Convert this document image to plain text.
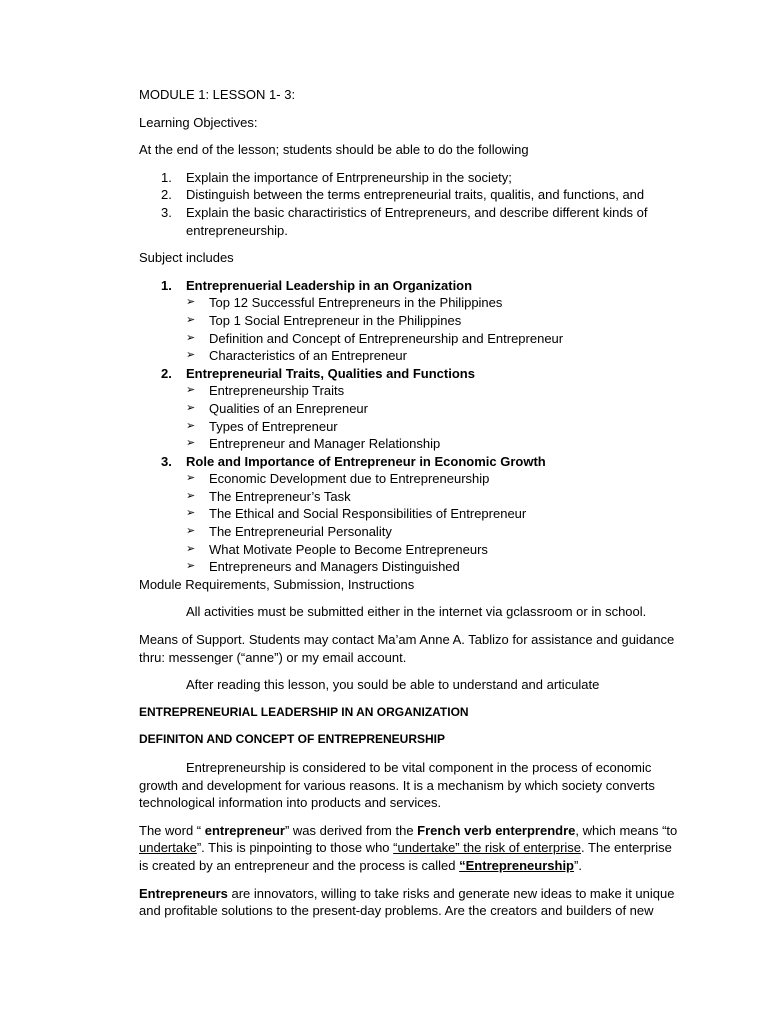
MODULE 1: LESSON 1- 3:

Learning Objectives:

At the end of the lesson; students should be able to do the following

1. Explain the importance of Entrpreneurship in the society;
2. Distinguish between the terms entrepreneurial traits, qualitis, and functions, and
3. Explain the basic charactiristics of Entrepreneurs, and describe different kinds of entrepreneurship.

Subject includes

1. Entreprenuerial Leadership in an Organization
➢ Top 12 Successful Entrepreneurs in the Philippines
➢ Top 1 Social Entrepreneur in the Philippines
➢ Definition and Concept of Entrepreneurship and Entrepreneur
➢ Characteristics of an Entrepreneur
2. Entrepreneurial Traits, Qualities and Functions
➢ Entrepreneurship Traits
➢ Qualities of an Enrepreneur
➢ Types of Entrepreneur
➢ Entrepreneur and Manager Relationship
3. Role and Importance of Entrepreneur in Economic Growth
➢ Economic Development due to Entrepreneurship
➢ The Entrepreneur’s Task
➢ The Ethical and Social Responsibilities of Entrepreneur
➢ The Entrepreneurial Personality
➢ What Motivate People to Become Entrepreneurs
➢ Entrepreneurs and Managers Distinguished

Module Requirements, Submission, Instructions

All activities must be submitted either in the internet via gclassroom or in school.

Means of Support. Students may contact Ma’am Anne A. Tablizo for assistance and guidance thru: messenger (“anne”) or my email account.

After reading this lesson, you sould be able to understand and articulate

ENTREPRENEURIAL LEADERSHIP IN AN ORGANIZATION

DEFINITON AND CONCEPT OF ENTREPRENEURSHIP

Entrepreneurship is considered to be vital component in the process of economic growth and development for various reasons. It is a mechanism by which society converts technological information into products and services.

The word “ entrepreneur” was derived from the French verb enterprendre, which means “to undertake”. This is pinpointing to those who “undertake” the risk of enterprise. The enterprise is created by an entrepreneur and the process is called “Entrepreneurship”.

Entrepreneurs are innovators, willing to take risks and generate new ideas to make it unique and profitable solutions to the present-day problems. Are the creators and builders of new
